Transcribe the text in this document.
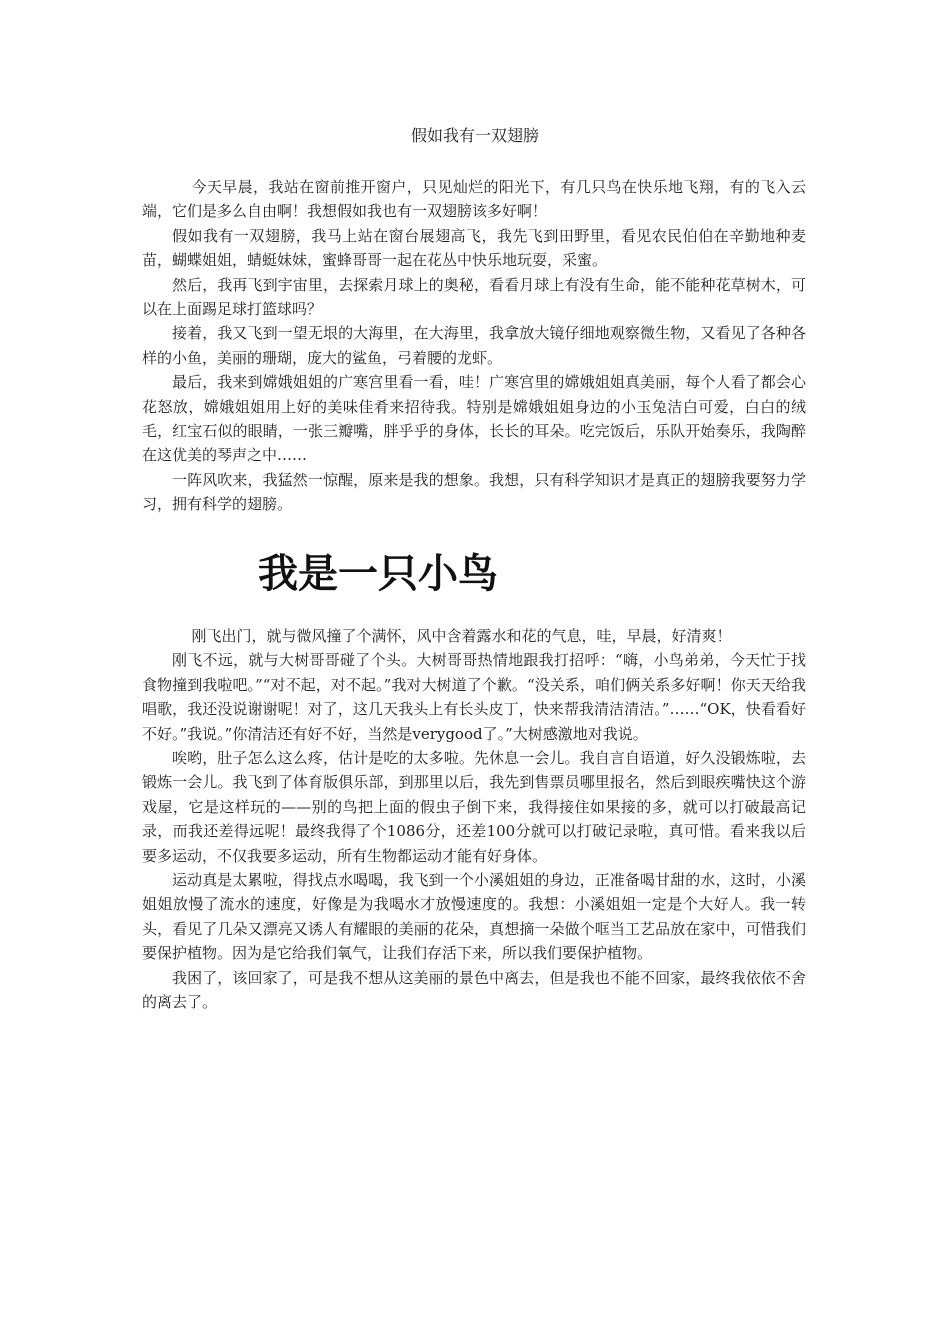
假如我有一双翅膀

今天早晨，我站在窗前推开窗户，只见灿烂的阳光下，有几只鸟在快乐地飞翔，有的飞入云端，它们是多么自由啊！我想假如我也有一双翅膀该多好啊！

假如我有一双翅膀，我马上站在窗台展翅高飞，我先飞到田野里，看见农民伯伯在辛勤地种麦苗，蝴蝶姐姐，蜻蜓妹妹，蜜蜂哥哥一起在花丛中快乐地玩耍，采蜜。

然后，我再飞到宇宙里，去探索月球上的奥秘，看看月球上有没有生命，能不能种花草树木，可以在上面踢足球打篮球吗？

接着，我又飞到一望无垠的大海里，在大海里，我拿放大镜仔细地观察微生物，又看见了各种各样的小鱼，美丽的珊瑚，庞大的鲨鱼，弓着腰的龙虾。

最后，我来到嫦娥姐姐的广寒宫里看一看，哇！广寒宫里的嫦娥姐姐真美丽，每个人看了都会心花怒放，嫦娥姐姐用上好的美味佳肴来招待我。特别是嫦娥姐姐身边的小玉兔洁白可爱，白白的绒毛，红宝石似的眼睛，一张三瓣嘴，胖乎乎的身体，长长的耳朵。吃完饭后，乐队开始奏乐，我陶醉在这优美的琴声之中……

一阵风吹来，我猛然一惊醒，原来是我的想象。我想，只有科学知识才是真正的翅膀我要努力学习，拥有科学的翅膀。

我是一只小鸟

刚飞出门，就与微风撞了个满怀，风中含着露水和花的气息，哇，早晨，好清爽！

刚飞不远，就与大树哥哥碰了个头。大树哥哥热情地跟我打招呼：“嗨，小鸟弟弟，今天忙于找食物撞到我啦吧。”“对不起，对不起。”我对大树道了个歉。“没关系，咱们俩关系多好啊！你天天给我唱歌，我还没说谢谢呢！对了，这几天我头上有长头皮丁，快来帮我清洁清洁。”……“OK，快看看好不好。”我说。”你清洁还有好不好，当然是verygood了。”大树感激地对我说。

唉哟，肚子怎么这么疼，估计是吃的太多啦。先休息一会儿。我自言自语道，好久没锻炼啦，去锻炼一会儿。我飞到了体育版俱乐部，到那里以后，我先到售票员哪里报名，然后到眼疾嘴快这个游戏屋，它是这样玩的——别的鸟把上面的假虫子倒下来，我得接住如果接的多，就可以打破最高记录，而我还差得远呢！最终我得了个1086分，还差100分就可以打破记录啦，真可惜。看来我以后要多运动，不仅我要多运动，所有生物都运动才能有好身体。

运动真是太累啦，得找点水喝喝，我飞到一个小溪姐姐的身边，正准备喝甘甜的水，这时，小溪姐姐放慢了流水的速度，好像是为我喝水才放慢速度的。我想：小溪姐姐一定是个大好人。我一转头，看见了几朵又漂亮又诱人有耀眼的美丽的花朵，真想摘一朵做个哐当工艺品放在家中，可惜我们要保护植物。因为是它给我们氧气，让我们存活下来，所以我们要保护植物。

我困了，该回家了，可是我不想从这美丽的景色中离去，但是我也不能不回家，最终我依依不舍的离去了。
